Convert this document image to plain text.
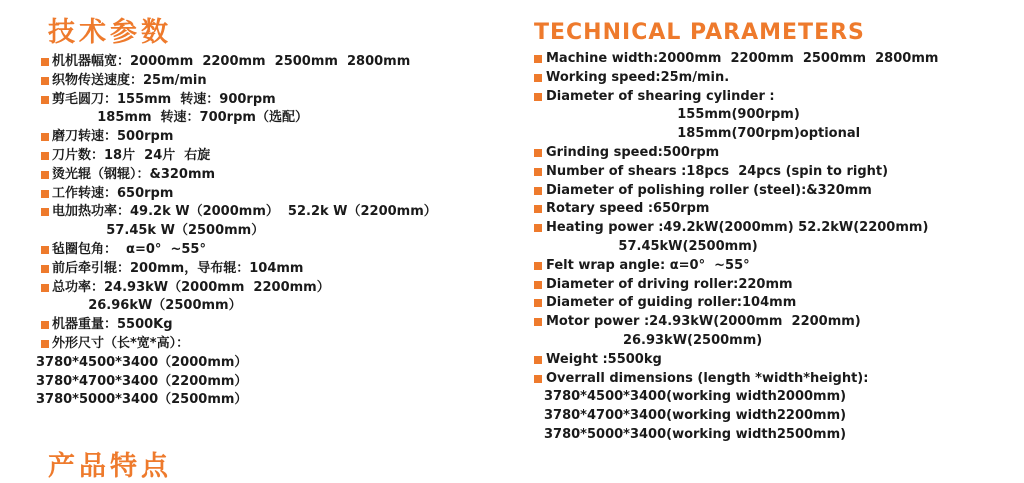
技术参数
机机器幅宽：2000mm  2200mm  2500mm  2800mm
织物传送速度：25m/min
剪毛圆刀：155mm  转速：900rpm
185mm  转速：700rpm（选配）
磨刀转速：500rpm
刀片数：18片  24片  右旋
烫光辊（钢辊）：&320mm
工作转速：650rpm
电加热功率：49.2k W（2000mm）  52.2k W（2200mm）
57.45k W（2500mm）
毡圈包角：  α=0°  ~55°
前后牵引辊：200mm，导布辊：104mm
总功率：24.93kW（2000mm  2200mm）
26.96kW（2500mm）
机器重量：5500Kg
外形尺寸（长*宽*高）：
3780*4500*3400（2000mm）
3780*4700*3400（2200mm）
3780*5000*3400（2500mm）
TECHNICAL PARAMETERS
Machine width:2000mm  2200mm  2500mm  2800mm
Working speed:25m/min.
Diameter of shearing cylinder :
155mm(900rpm)
185mm(700rpm)optional
Grinding speed:500rpm
Number of shears :18pcs  24pcs (spin to right)
Diameter of polishing roller (steel):&320mm
Rotary speed :650rpm
Heating power :49.2kW(2000mm) 52.2kW(2200mm)
57.45kW(2500mm)
Felt wrap angle: α=0°  ~55°
Diameter of driving roller:220mm
Diameter of guiding roller:104mm
Motor power :24.93kW(2000mm  2200mm)
26.93kW(2500mm)
Weight :5500kg
Overrall dimensions (length *width*height):
3780*4500*3400(working width2000mm)
3780*4700*3400(working width2200mm)
3780*5000*3400(working width2500mm)
产品特点
